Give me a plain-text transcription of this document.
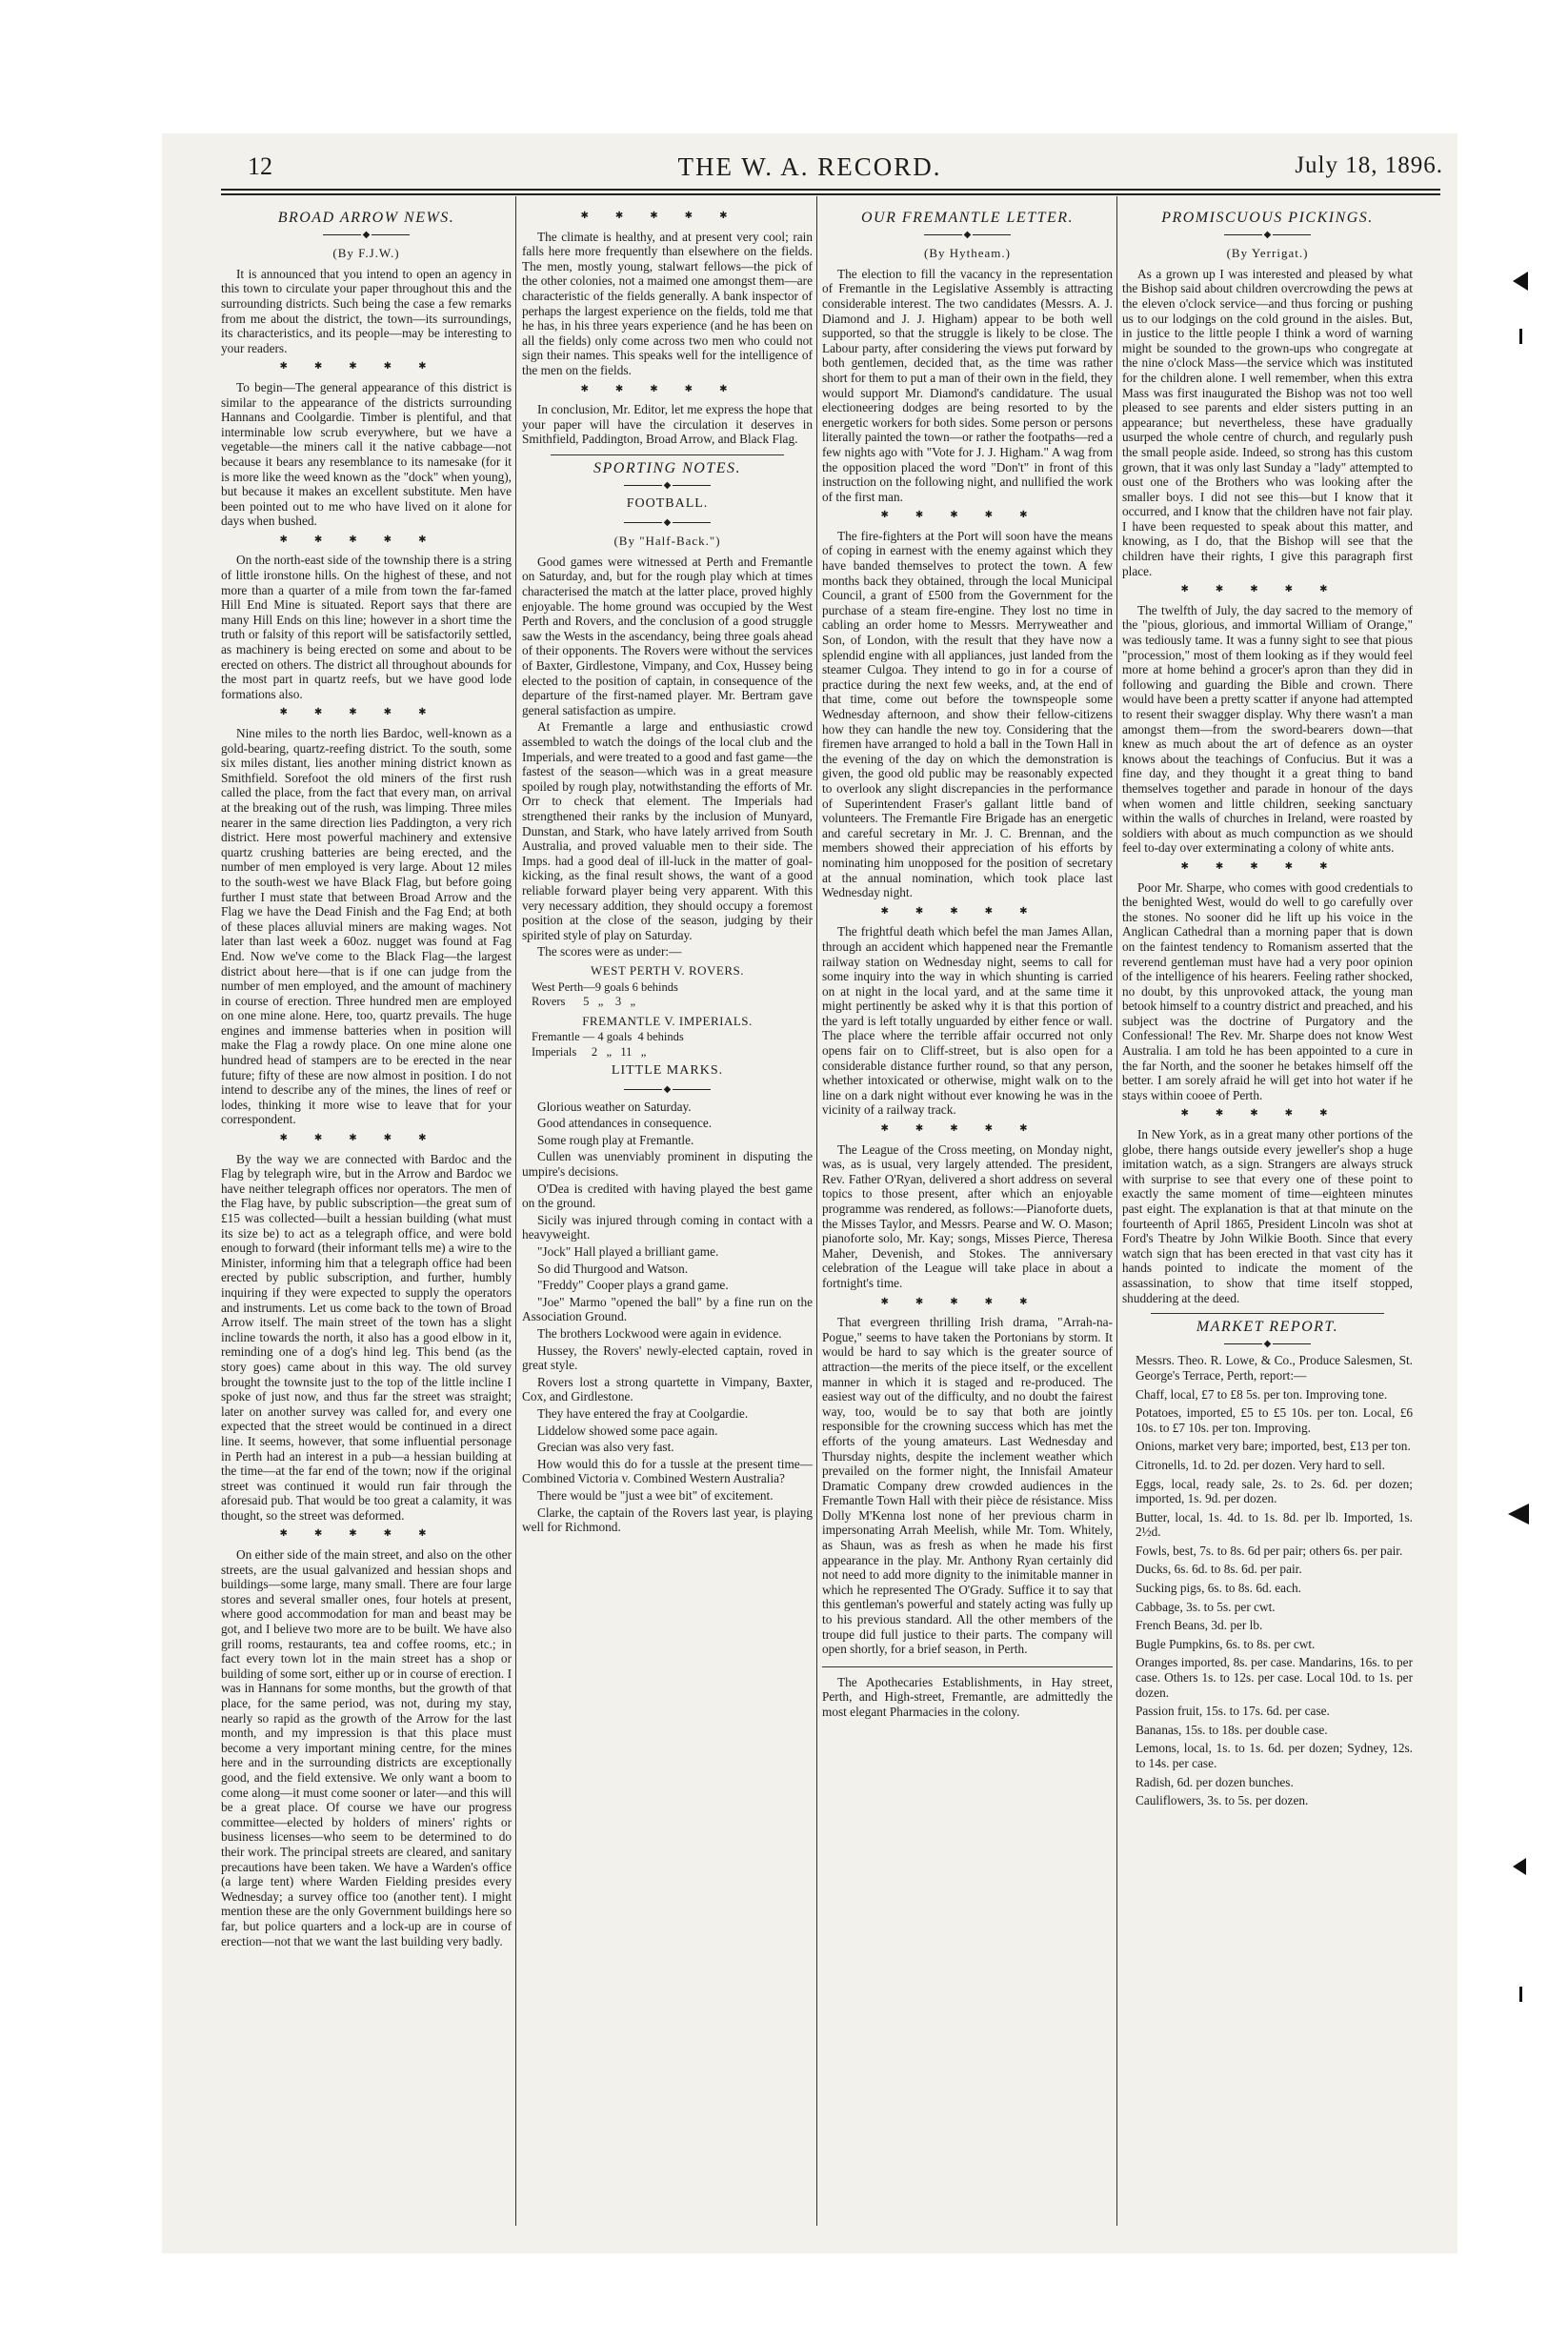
12	THE W. A. RECORD.	July 18, 1896.
BROAD ARROW NEWS.
◆
(By F.J.W.)

It is announced that you intend to open an agency in this town to circulate your paper throughout this and the surrounding districts. Such being the case a few remarks from me about the district, the town—its surroundings, its characteristics, and its people—may be interesting to your readers.

✱✱✱✱✱

To begin—The general appearance of this district is similar to the appearance of the districts surrounding Hannans and Coolgardie. Timber is plentiful, and that interminable low scrub everywhere, but we have a vegetable—the miners call it the native cabbage—not because it bears any resemblance to its namesake (for it is more like the weed known as the "dock" when young), but because it makes an excellent substitute. Men have been pointed out to me who have lived on it alone for days when bushed.

✱✱✱✱✱

On the north-east side of the township there is a string of little ironstone hills. On the highest of these, and not more than a quarter of a mile from town the far-famed Hill End Mine is situated. Report says that there are many Hill Ends on this line; however in a short time the truth or falsity of this report will be satisfactorily settled, as machinery is being erected on some and about to be erected on others. The district all throughout abounds for the most part in quartz reefs, but we have good lode formations also.

✱✱✱✱✱

Nine miles to the north lies Bardoc, well-known as a gold-bearing, quartz-reefing district. To the south, some six miles distant, lies another mining district known as Smithfield. Sorefoot the old miners of the first rush called the place, from the fact that every man, on arrival at the breaking out of the rush, was limping. Three miles nearer in the same direction lies Paddington, a very rich district. Here most powerful machinery and extensive quartz crushing batteries are being erected, and the number of men employed is very large. About 12 miles to the south-west we have Black Flag, but before going further I must state that between Broad Arrow and the Flag we have the Dead Finish and the Fag End; at both of these places alluvial miners are making wages. Not later than last week a 60oz. nugget was found at Fag End. Now we've come to the Black Flag—the largest district about here—that is if one can judge from the number of men employed, and the amount of machinery in course of erection. Three hundred men are employed on one mine alone. Here, too, quartz prevails. The huge engines and immense batteries when in position will make the Flag a rowdy place. On one mine alone one hundred head of stampers are to be erected in the near future; fifty of these are now almost in position. I do not intend to describe any of the mines, the lines of reef or lodes, thinking it more wise to leave that for your correspondent.

✱✱✱✱✱

By the way we are connected with Bardoc and the Flag by telegraph wire, but in the Arrow and Bardoc we have neither telegraph offices nor operators. The men of the Flag have, by public subscription—the great sum of £15 was collected—built a hessian building (what must its size be) to act as a telegraph office, and were bold enough to forward (their informant tells me) a wire to the Minister, informing him that a telegraph office had been erected by public subscription, and further, humbly inquiring if they were expected to supply the operators and instruments. Let us come back to the town of Broad Arrow itself. The main street of the town has a slight incline towards the north, it also has a good elbow in it, reminding one of a dog's hind leg. This bend (as the story goes) came about in this way. The old survey brought the townsite just to the top of the little incline I spoke of just now, and thus far the street was straight; later on another survey was called for, and every one expected that the street would be continued in a direct line. It seems, however, that some influential personage in Perth had an interest in a pub—a hessian building at the time—at the far end of the town; now if the original street was continued it would run fair through the aforesaid pub. That would be too great a calamity, it was thought, so the street was deformed.

✱✱✱✱✱

On either side of the main street, and also on the other streets, are the usual galvanized and hessian shops and buildings—some large, many small. There are four large stores and several smaller ones, four hotels at present, where good accommodation for man and beast may be got, and I believe two more are to be built. We have also grill rooms, restaurants, tea and coffee rooms, etc.; in fact every town lot in the main street has a shop or building of some sort, either up or in course of erection. I was in Hannans for some months, but the growth of that place, for the same period, was not, during my stay, nearly so rapid as the growth of the Arrow for the last month, and my impression is that this place must become a very important mining centre, for the mines here and in the surrounding districts are exceptionally good, and the field extensive. We only want a boom to come along—it must come sooner or later—and this will be a great place. Of course we have our progress committee—elected by holders of miners' rights or business licenses—who seem to be determined to do their work. The principal streets are cleared, and sanitary precautions have been taken. We have a Warden's office (a large tent) where Warden Fielding presides every Wednesday; a survey office too (another tent). I might mention these are the only Government buildings here so far, but police quarters and a lock-up are in course of erection—not that we want the last building very badly.

✱✱✱✱✱

The climate is healthy, and at present very cool; rain falls here more frequently than elsewhere on the fields. The men, mostly young, stalwart fellows—the pick of the other colonies, not a maimed one amongst them—are characteristic of the fields generally. A bank inspector of perhaps the largest experience on the fields, told me that he has, in his three years experience (and he has been on all the fields) only come across two men who could not sign their names. This speaks well for the intelligence of the men on the fields.

✱✱✱✱✱

In conclusion, Mr. Editor, let me express the hope that your paper will have the circulation it deserves in Smithfield, Paddington, Broad Arrow, and Black Flag.

SPORTING NOTES.
◆
FOOTBALL.
◆
(By "Half-Back.")

Good games were witnessed at Perth and Fremantle on Saturday, and, but for the rough play which at times characterised the match at the latter place, proved highly enjoyable. The home ground was occupied by the West Perth and Rovers, and the conclusion of a good struggle saw the Wests in the ascendancy, being three goals ahead of their opponents. The Rovers were without the services of Baxter, Girdlestone, Vimpany, and Cox, Hussey being elected to the position of captain, in consequence of the departure of the first-named player. Mr. Bertram gave general satisfaction as umpire.

At Fremantle a large and enthusiastic crowd assembled to watch the doings of the local club and the Imperials, and were treated to a good and fast game—the fastest of the season—which was in a great measure spoiled by rough play, notwithstanding the efforts of Mr. Orr to check that element. The Imperials had strengthened their ranks by the inclusion of Munyard, Dunstan, and Stark, who have lately arrived from South Australia, and proved valuable men to their side. The Imps. had a good deal of ill-luck in the matter of goal-kicking, as the final result shows, the want of a good reliable forward player being very apparent. With this very necessary addition, they should occupy a foremost position at the close of the season, judging by their spirited style of play on Saturday.

The scores were as under:—

WEST PERTH V. ROVERS.
West Perth—9 goals 6 behinds
Rovers      5   „    3   „
FREMANTLE V. IMPERIALS.
Fremantle — 4 goals  4 behinds
Imperials     2   „   11   „
LITTLE MARKS.
◆

Glorious weather on Saturday.

Good attendances in consequence.

Some rough play at Fremantle.

Cullen was unenviably prominent in disputing the umpire's decisions.

O'Dea is credited with having played the best game on the ground.

Sicily was injured through coming in contact with a heavyweight.

"Jock" Hall played a brilliant game.

So did Thurgood and Watson.

"Freddy" Cooper plays a grand game.

"Joe" Marmo "opened the ball" by a fine run on the Association Ground.

The brothers Lockwood were again in evidence.

Hussey, the Rovers' newly-elected captain, roved in great style.

Rovers lost a strong quartette in Vimpany, Baxter, Cox, and Girdlestone.

They have entered the fray at Coolgardie.

Liddelow showed some pace again.

Grecian was also very fast.

How would this do for a tussle at the present time—Combined Victoria v. Combined Western Australia?

There would be "just a wee bit" of excitement.

Clarke, the captain of the Rovers last year, is playing well for Richmond.

OUR FREMANTLE LETTER.
◆
(By Hytheam.)

The election to fill the vacancy in the representation of Fremantle in the Legislative Assembly is attracting considerable interest. The two candidates (Messrs. A. J. Diamond and J. J. Higham) appear to be both well supported, so that the struggle is likely to be close. The Labour party, after considering the views put forward by both gentlemen, decided that, as the time was rather short for them to put a man of their own in the field, they would support Mr. Diamond's candidature. The usual electioneering dodges are being resorted to by the energetic workers for both sides. Some person or persons literally painted the town—or rather the footpaths—red a few nights ago with "Vote for J. J. Higham." A wag from the opposition placed the word "Don't" in front of this instruction on the following night, and nullified the work of the first man.

✱✱✱✱✱

The fire-fighters at the Port will soon have the means of coping in earnest with the enemy against which they have banded themselves to protect the town. A few months back they obtained, through the local Municipal Council, a grant of £500 from the Government for the purchase of a steam fire-engine. They lost no time in cabling an order home to Messrs. Merryweather and Son, of London, with the result that they have now a splendid engine with all appliances, just landed from the steamer Culgoa. They intend to go in for a course of practice during the next few weeks, and, at the end of that time, come out before the townspeople some Wednesday afternoon, and show their fellow-citizens how they can handle the new toy. Considering that the firemen have arranged to hold a ball in the Town Hall in the evening of the day on which the demonstration is given, the good old public may be reasonably expected to overlook any slight discrepancies in the performance of Superintendent Fraser's gallant little band of volunteers. The Fremantle Fire Brigade has an energetic and careful secretary in Mr. J. C. Brennan, and the members showed their appreciation of his efforts by nominating him unopposed for the position of secretary at the annual nomination, which took place last Wednesday night.

✱✱✱✱✱

The frightful death which befel the man James Allan, through an accident which happened near the Fremantle railway station on Wednesday night, seems to call for some inquiry into the way in which shunting is carried on at night in the local yard, and at the same time it might pertinently be asked why it is that this portion of the yard is left totally unguarded by either fence or wall. The place where the terrible affair occurred not only opens fair on to Cliff-street, but is also open for a considerable distance further round, so that any person, whether intoxicated or otherwise, might walk on to the line on a dark night without ever knowing he was in the vicinity of a railway track.

✱✱✱✱✱

The League of the Cross meeting, on Monday night, was, as is usual, very largely attended. The president, Rev. Father O'Ryan, delivered a short address on several topics to those present, after which an enjoyable programme was rendered, as follows:—Pianoforte duets, the Misses Taylor, and Messrs. Pearse and W. O. Mason; pianoforte solo, Mr. Kay; songs, Misses Pierce, Theresa Maher, Devenish, and Stokes. The anniversary celebration of the League will take place in about a fortnight's time.

✱✱✱✱✱

That evergreen thrilling Irish drama, "Arrah-na-Pogue," seems to have taken the Portonians by storm. It would be hard to say which is the greater source of attraction—the merits of the piece itself, or the excellent manner in which it is staged and re-produced. The easiest way out of the difficulty, and no doubt the fairest way, too, would be to say that both are jointly responsible for the crowning success which has met the efforts of the young amateurs. Last Wednesday and Thursday nights, despite the inclement weather which prevailed on the former night, the Innisfail Amateur Dramatic Company drew crowded audiences in the Fremantle Town Hall with their pièce de résistance. Miss Dolly M'Kenna lost none of her previous charm in impersonating Arrah Meelish, while Mr. Tom. Whitely, as Shaun, was as fresh as when he made his first appearance in the play. Mr. Anthony Ryan certainly did not need to add more dignity to the inimitable manner in which he represented The O'Grady. Suffice it to say that this gentleman's powerful and stately acting was fully up to his previous standard. All the other members of the troupe did full justice to their parts. The company will open shortly, for a brief season, in Perth.

The Apothecaries Establishments, in Hay street, Perth, and High-street, Fremantle, are admittedly the most elegant Pharmacies in the colony.

PROMISCUOUS PICKINGS.
◆
(By Yerrigat.)

As a grown up I was interested and pleased by what the Bishop said about children overcrowding the pews at the eleven o'clock service—and thus forcing or pushing us to our lodgings on the cold ground in the aisles. But, in justice to the little people I think a word of warning might be sounded to the grown-ups who congregate at the nine o'clock Mass—the service which was instituted for the children alone. I well remember, when this extra Mass was first inaugurated the Bishop was not too well pleased to see parents and elder sisters putting in an appearance; but nevertheless, these have gradually usurped the whole centre of church, and regularly push the small people aside. Indeed, so strong has this custom grown, that it was only last Sunday a "lady" attempted to oust one of the Brothers who was looking after the smaller boys. I did not see this—but I know that it occurred, and I know that the children have not fair play. I have been requested to speak about this matter, and knowing, as I do, that the Bishop will see that the children have their rights, I give this paragraph first place.

✱✱✱✱✱

The twelfth of July, the day sacred to the memory of the "pious, glorious, and immortal William of Orange," was tediously tame. It was a funny sight to see that pious "procession," most of them looking as if they would feel more at home behind a grocer's apron than they did in following and guarding the Bible and crown. There would have been a pretty scatter if anyone had attempted to resent their swagger display. Why there wasn't a man amongst them—from the sword-bearers down—that knew as much about the art of defence as an oyster knows about the teachings of Confucius. But it was a fine day, and they thought it a great thing to band themselves together and parade in honour of the days when women and little children, seeking sanctuary within the walls of churches in Ireland, were roasted by soldiers with about as much compunction as we should feel to-day over exterminating a colony of white ants.

✱✱✱✱✱

Poor Mr. Sharpe, who comes with good credentials to the benighted West, would do well to go carefully over the stones. No sooner did he lift up his voice in the Anglican Cathedral than a morning paper that is down on the faintest tendency to Romanism asserted that the reverend gentleman must have had a very poor opinion of the intelligence of his hearers. Feeling rather shocked, no doubt, by this unprovoked attack, the young man betook himself to a country district and preached, and his subject was the doctrine of Purgatory and the Confessional! The Rev. Mr. Sharpe does not know West Australia. I am told he has been appointed to a cure in the far North, and the sooner he betakes himself off the better. I am sorely afraid he will get into hot water if he stays within cooee of Perth.

✱✱✱✱✱

In New York, as in a great many other portions of the globe, there hangs outside every jeweller's shop a huge imitation watch, as a sign. Strangers are always struck with surprise to see that every one of these point to exactly the same moment of time—eighteen minutes past eight. The explanation is that at that minute on the fourteenth of April 1865, President Lincoln was shot at Ford's Theatre by John Wilkie Booth. Since that every watch sign that has been erected in that vast city has it hands pointed to indicate the moment of the assassination, to show that time itself stopped, shuddering at the deed.

MARKET REPORT.
◆

Messrs. Theo. R. Lowe, & Co., Produce Salesmen, St. George's Terrace, Perth, report:—

Chaff, local, £7 to £8 5s. per ton. Improving tone.

Potatoes, imported, £5 to £5 10s. per ton. Local, £6 10s. to £7 10s. per ton. Improving.

Onions, market very bare; imported, best, £13 per ton.

Citronells, 1d. to 2d. per dozen. Very hard to sell.

Eggs, local, ready sale, 2s. to 2s. 6d. per dozen; imported, 1s. 9d. per dozen.

Butter, local, 1s. 4d. to 1s. 8d. per lb. Imported, 1s. 2½d.

Fowls, best, 7s. to 8s. 6d per pair; others 6s. per pair.

Ducks, 6s. 6d. to 8s. 6d. per pair.

Sucking pigs, 6s. to 8s. 6d. each.

Cabbage, 3s. to 5s. per cwt.

French Beans, 3d. per lb.

Bugle Pumpkins, 6s. to 8s. per cwt.

Oranges imported, 8s. per case. Mandarins, 16s. to per case. Others 1s. to 12s. per case. Local 10d. to 1s. per dozen.

Passion fruit, 15s. to 17s. 6d. per case.

Bananas, 15s. to 18s. per double case.

Lemons, local, 1s. to 1s. 6d. per dozen; Sydney, 12s. to 14s. per case.

Radish, 6d. per dozen bunches.

Cauliflowers, 3s. to 5s. per dozen.
